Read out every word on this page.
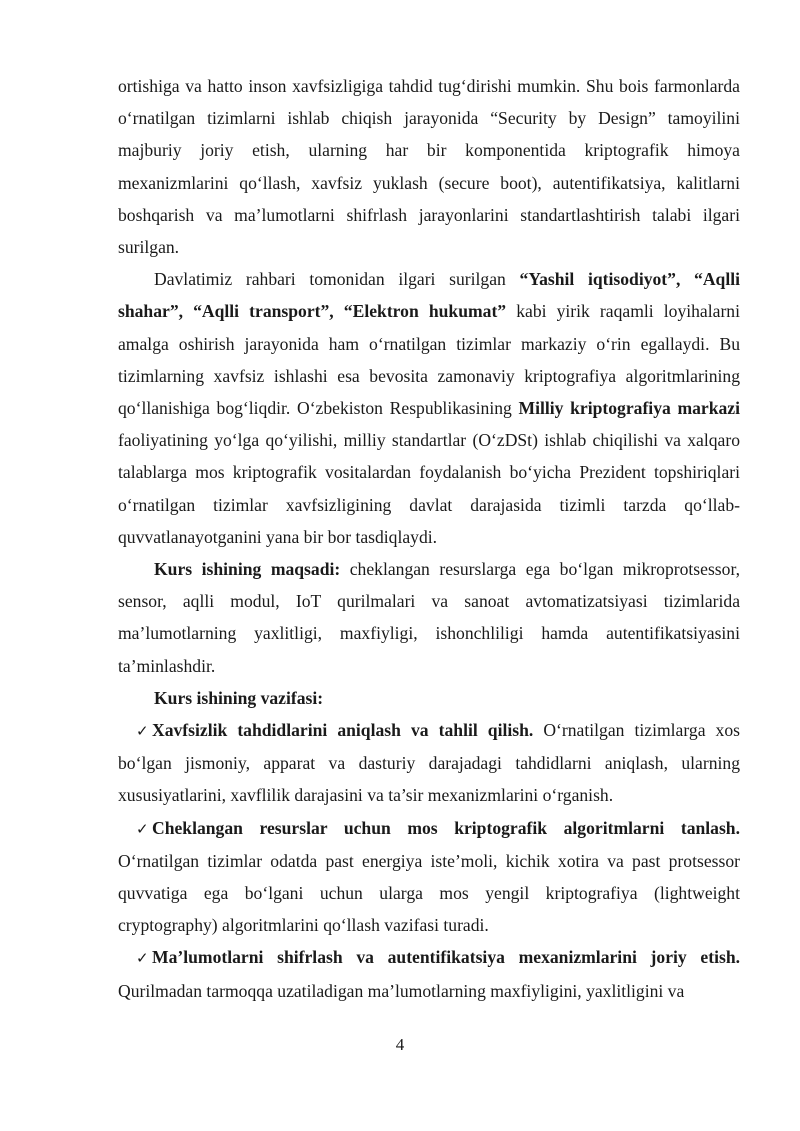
ortishiga va hatto inson xavfsizligiga tahdid tug‘dirishi mumkin. Shu bois farmonlarda o‘rnatilgan tizimlarni ishlab chiqish jarayonida “Security by Design” tamoyilini majburiy joriy etish, ularning har bir komponentida kriptografik himoya mexanizmlarini qo‘llash, xavfsiz yuklash (secure boot), autentifikatsiya, kalitlarni boshqarish va ma’lumotlarni shifrlash jarayonlarini standartlashtirish talabi ilgari surilgan.

Davlatimiz rahbari tomonidan ilgari surilgan “Yashil iqtisodiyot”, “Aqlli shahar”, “Aqlli transport”, “Elektron hukumat” kabi yirik raqamli loyihalarni amalga oshirish jarayonida ham o‘rnatilgan tizimlar markaziy o‘rin egallaydi. Bu tizimlarning xavfsiz ishlashi esa bevosita zamonaviy kriptografiya algoritmlarining qo‘llanishiga bog‘liqdir. O‘zbekiston Respublikasining Milliy kriptografiya markazi faoliyatining yo‘lga qo‘yilishi, milliy standartlar (O‘zDSt) ishlab chiqilishi va xalqaro talablarga mos kriptografik vositalardan foydalanish bo‘yicha Prezident topshiriqlari o‘rnatilgan tizimlar xavfsizligining davlat darajasida tizimli tarzda qo‘llab-quvvatlanayotganini yana bir bor tasdiqlaydi.

Kurs ishining maqsadi: cheklangan resurslarga ega bo‘lgan mikroprotsessor, sensor, aqlli modul, IoT qurilmalari va sanoat avtomatizatsiyasi tizimlarida ma’lumotlarning yaxlitligi, maxfiyligi, ishonchliligi hamda autentifikatsiyasini ta’minlashdir.

Kurs ishining vazifasi:

✓ Xavfsizlik tahdidlarini aniqlash va tahlil qilish. O‘rnatilgan tizimlarga xos bo‘lgan jismoniy, apparat va dasturiy darajadagi tahdidlarni aniqlash, ularning xususiyatlarini, xavflilik darajasini va ta’sir mexanizmlarini o‘rganish.

✓ Cheklangan resurslar uchun mos kriptografik algoritmlarni tanlash. O‘rnatilgan tizimlar odatda past energiya iste’moli, kichik xotira va past protsessor quvvatiga ega bo‘lgani uchun ularga mos yengil kriptografiya (lightweight cryptography) algoritmlarini qo‘llash vazifasi turadi.

✓ Ma’lumotlarni shifrlash va autentifikatsiya mexanizmlarini joriy etish. Qurilmadan tarmoqqa uzatiladigan ma’lumotlarning maxfiyligini, yaxlitligini va

4
